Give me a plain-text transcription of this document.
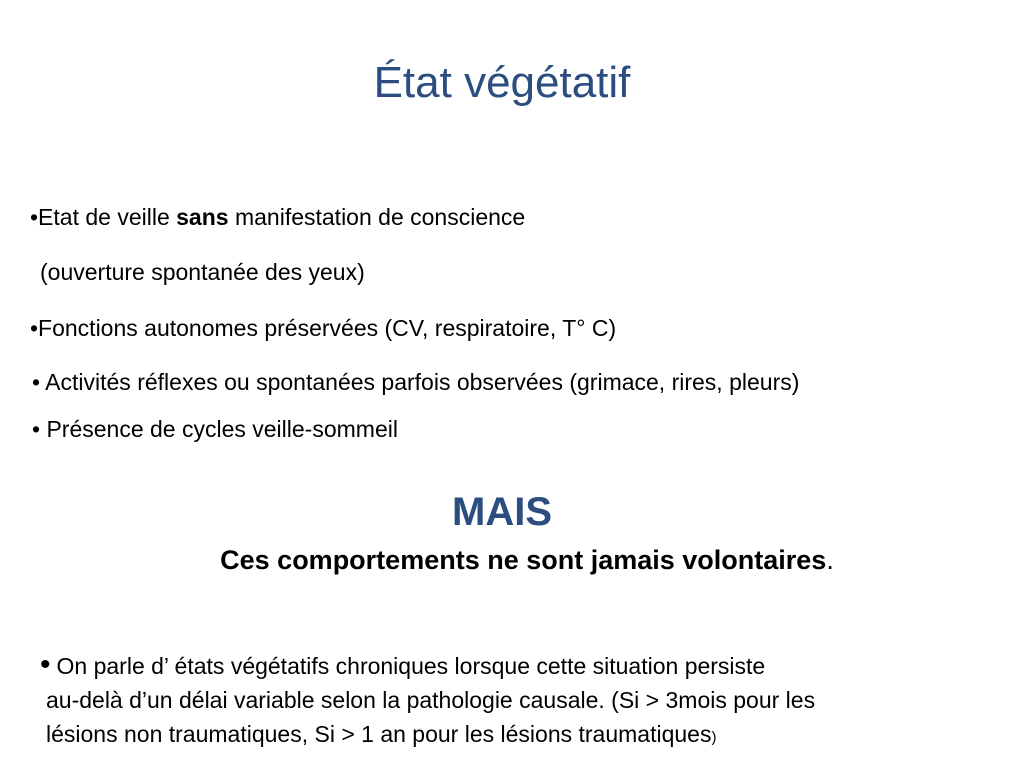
État végétatif
•Etat de veille sans manifestation de conscience
(ouverture spontanée des yeux)
•Fonctions autonomes préservées (CV, respiratoire, T° C)
• Activités réflexes ou spontanées parfois observées (grimace, rires, pleurs)
• Présence de cycles veille-sommeil
MAIS
Ces comportements ne sont jamais volontaires.
• On parle d’ états végétatifs chroniques lorsque cette situation persiste
au-delà d’un délai variable selon la pathologie causale. (Si > 3mois pour les
lésions non traumatiques, Si > 1 an pour les lésions traumatiques)
